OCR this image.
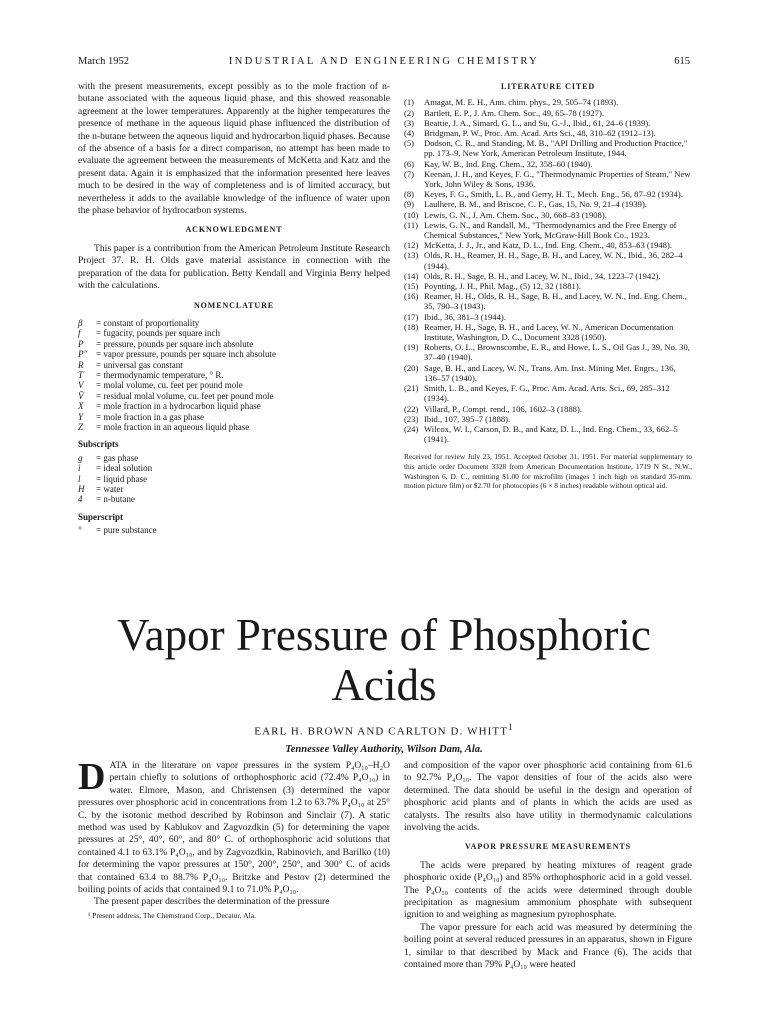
March 1952	INDUSTRIAL AND ENGINEERING CHEMISTRY	615

with the present measurements, except possibly as to the mole fraction of n-butane associated with the aqueous liquid phase, and this showed reasonable agreement at the lower temperatures. Apparently at the higher temperatures the presence of methane in the aqueous liquid phase influenced the distribution of the n-butane between the aqueous liquid and hydrocarbon liquid phases. Because of the absence of a basis for a direct comparison, no attempt has been made to evaluate the agreement between the measurements of McKetta and Katz and the present data. Again it is emphasized that the information presented here leaves much to be desired in the way of completeness and is of limited accuracy, but nevertheless it adds to the available knowledge of the influence of water upon the phase behavior of hydrocarbon systems.

ACKNOWLEDGMENT

This paper is a contribution from the American Petroleum Institute Research Project 37. R. H. Olds gave material assistance in connection with the preparation of the data for publication. Betty Kendall and Virginia Berry helped with the calculations.

NOMENCLATURE
β	= constant of proportionality
f	= fugacity, pounds per square inch
P	= pressure, pounds per square inch absolute
P'' = vapor pressure, pounds per square inch absolute
R	= universal gas constant
T	= thermodynamic temperature, ° R.
V	= molal volume, cu. feet per pound mole
V̄	= residual molal volume, cu. feet per pound mole
X	= mole fraction in a hydrocarbon liquid phase
Y	= mole fraction in a gas phase
Z	= mole fraction in an aqueous liquid phase
Subscripts
g	= gas phase
i	= ideal solution
l	= liquid phase
H	= water
4	= n-butane
Superscript
°	= pure substance
LITERATURE CITED
(1)	Amagat, M. E. H., Ann. chim. phys., 29, 505–74 (1893).
(2)	Bartlett, E. P., J. Am. Chem. Soc., 49, 65–78 (1927).
(3)	Beattie, J. A., Simard, G. L., and Su, G.-J., Ibid., 61, 24–6 (1939).
(4)	Bridgman, P. W., Proc. Am. Acad. Arts Sci., 48, 310–62 (1912–13).
(5)	Dodson, C. R., and Standing, M. B., "API Drilling and Production Practice," pp. 173–9, New York, American Petroleum Institute, 1944.
(6)	Kay, W. B., Ind. Eng. Chem., 32, 358–60 (1940).
(7)	Keenan, J. H., and Keyes, F. G., "Thermodynamic Properties of Steam," New York, John Wiley & Sons, 1936.
(8)	Keyes, F. G., Smith, L. B., and Gerry, H. T., Mech. Eng., 56, 87–92 (1934).
(9)	Laulhere, B. M., and Briscoe, C. F., Gas, 15, No. 9, 21–4 (1939).
(10) Lewis, G. N., J. Am. Chem. Soc., 30, 668–83 (1908).
(11) Lewis, G. N., and Randall, M., "Thermodynamics and the Free Energy of Chemical Substances," New York, McGraw-Hill Book Co., 1923.
(12) McKetta, J. J., Jr., and Katz, D. L., Ind. Eng. Chem., 40, 853–63 (1948).
(13) Olds, R. H., Reamer, H. H., Sage, B. H., and Lacey, W. N., Ibid., 36, 282–4 (1944).
(14) Olds, R. H., Sage, B. H., and Lacey, W. N., Ibid., 34, 1223–7 (1942).
(15) Poynting, J. H., Phil. Mag., (5) 12, 32 (1881).
(16) Reamer, H. H., Olds, R. H., Sage, B. H., and Lacey, W. N., Ind. Eng. Chem., 35, 790–3 (1943).
(17) Ibid., 36, 381–3 (1944).
(18) Reamer, H. H., Sage, B. H., and Lacey, W. N., American Documentation Institute, Washington, D. C., Document 3328 (1950).
(19) Roberts, O. L., Brownscombe, E. R., and Howe, L. S., Oil Gas J., 39, No. 30, 37–40 (1940).
(20) Sage, B. H., and Lacey, W. N., Trans. Am. Inst. Mining Met. Engrs., 136, 136–57 (1940).
(21) Smith, L. B., and Keyes, F. G., Proc. Am. Acad. Arts. Sci., 69, 285–312 (1934).
(22) Villard, P., Compt. rend., 106, 1602–3 (1888).
(23) Ibid., 107, 395–7 (1888).
(24) Wilcox, W. I., Carson, D. B., and Katz, D. L., Ind. Eng. Chem., 33, 662–5 (1941).
Received for review July 23, 1951. Accepted October 31, 1951. For material supplementary to this article order Document 3328 from American Documentation Institute, 1719 N St., N.W., Washington 6, D. C., remitting $1.00 for microfilm (images 1 inch high on standard 35-mm. motion picture film) or $2.70 for photocopies (6 × 8 inches) readable without optical aid.
Vapor Pressure of Phosphoric Acids
EARL H. BROWN AND CARLTON D. WHITT$^1$
Tennessee Valley Authority, Wilson Dam, Ala.

DATA in the literature on vapor pressures in the system P₄O₁₀–H₂O pertain chiefly to solutions of orthophosphoric acid (72.4% P₄O₁₀) in water. Elmore, Mason, and Christensen (3) determined the vapor pressures over phosphoric acid in concentrations from 1.2 to 63.7% P₄O₁₀ at 25° C. by the isotonic method described by Robinson and Sinclair (7). A static method was used by Kablukov and Zagvozdkin (5) for determining the vapor pressures at 25°, 40°, 60°, and 80° C. of orthophosphoric acid solutions that contained 4.1 to 63.1% P₄O₁₀, and by Zagvozdkin, Rabinovich, and Barilko (10) for determining the vapor pressures at 150°, 200°, 250°, and 300° C. of acids that contained 63.4 to 88.7% P₄O₁₀. Britzke and Pestov (2) determined the boiling points of acids that contained 9.1 to 71.0% P₄O₁₀.

The present paper describes the determination of the pressure

¹ Present address, The Chemstrand Corp., Decatur, Ala.

and composition of the vapor over phosphoric acid containing from 61.6 to 92.7% P₄O₁₀. The vapor densities of four of the acids also were determined. The data should be useful in the design and operation of phosphoric acid plants and of plants in which the acids are used as catalysts. The results also have utility in thermodynamic calculations involving the acids.

VAPOR PRESSURE MEASUREMENTS

The acids were prepared by heating mixtures of reagent grade phosphoric oxide (P₄O₁₀) and 85% orthophosphoric acid in a gold vessel. The P₄O₁₀ contents of the acids were determined through double precipitation as magnesium ammonium phosphate with subsequent ignition to and weighing as magnesium pyrophosphate.

The vapor pressure for each acid was measured by determining the boiling point at several reduced pressures in an apparatus, shown in Figure 1, similar to that described by Mack and France (6). The acids that contained more than 79% P₄O₁₀ were heated
